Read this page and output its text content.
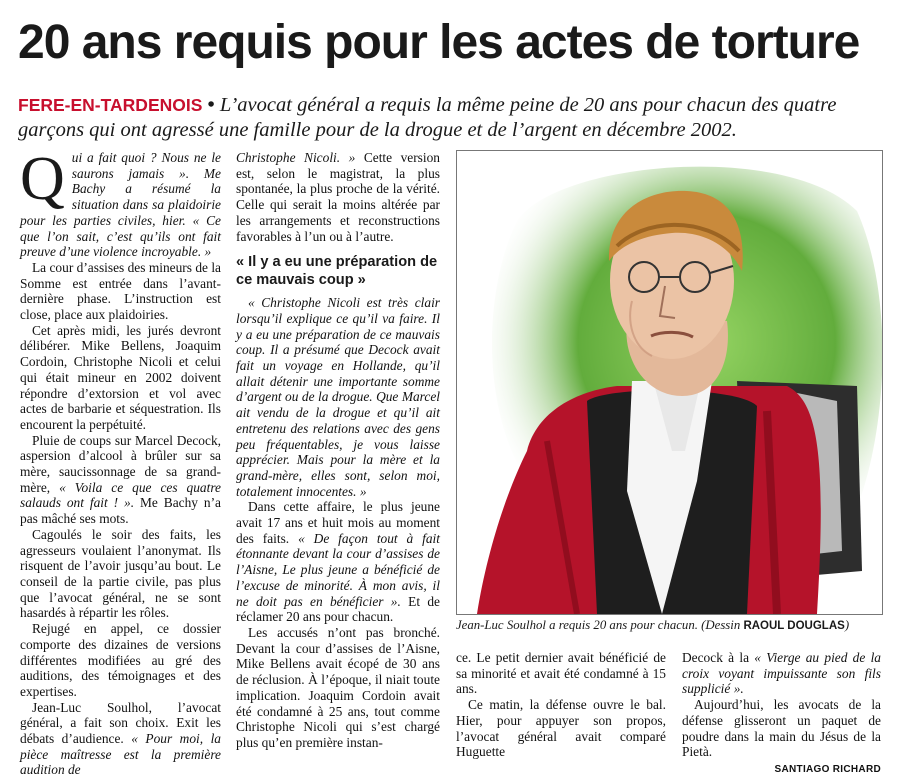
20 ans requis pour les actes de torture

FERE-EN-TARDENOIS • L’avocat général a requis la même peine de 20 ans pour chacun des quatre garçons qui ont agressé une famille pour de la drogue et de l’argent en décembre 2002.

Qui a fait quoi ? Nous ne le saurons jamais ». Me Bachy a résumé la situation dans sa plaidoirie pour les parties civiles, hier. « Ce que l’on sait, c’est qu’ils ont fait preuve d’une violence incroyable. »

La cour d’assises des mineurs de la Somme est entrée dans l’avant-dernière phase. L’instruction est close, place aux plaidoiries.

Cet après midi, les jurés devront délibérer. Mike Bellens, Joaquim Cordoin, Christophe Nicoli et celui qui était mineur en 2002 doivent répondre d’extorsion et vol avec actes de barbarie et séquestration. Ils encourent la perpétuité.

Pluie de coups sur Marcel Decock, aspersion d’alcool à brûler sur sa mère, saucissonnage de sa grand-mère, « Voila ce que ces quatre salauds ont fait ! ». Me Bachy n’a pas mâché ses mots.

Cagoulés le soir des faits, les agresseurs voulaient l’anonymat. Ils risquent de l’avoir jusqu’au bout. Le conseil de la partie civile, pas plus que l’avocat général, ne se sont hasardés à répartir les rôles.

Rejugé en appel, ce dossier comporte des dizaines de versions différentes modifiées au gré des auditions, des témoignages et des expertises.

Jean-Luc Soulhol, l’avocat général, a fait son choix. Exit les débats d’audience. « Pour moi, la pièce maîtresse est la première audition de

Christophe Nicoli. » Cette version est, selon le magistrat, la plus spontanée, la plus proche de la vérité. Celle qui serait la moins altérée par les arrangements et reconstructions favorables à l’un ou à l’autre.

« Il y a eu une préparation de ce mauvais coup »

« Christophe Nicoli est très clair lorsqu’il explique ce qu’il va faire. Il y a eu une préparation de ce mauvais coup. Il a présumé que Decock avait fait un voyage en Hollande, qu’il allait détenir une importante somme d’argent ou de la drogue. Que Marcel ait vendu de la drogue et qu’il ait entretenu des relations avec des gens peu fréquentables, je vous laisse apprécier. Mais pour la mère et la grand-mère, elles sont, selon moi, totalement innocentes. »

Dans cette affaire, le plus jeune avait 17 ans et huit mois au moment des faits. « De façon tout à fait étonnante devant la cour d’assises de l’Aisne, Le plus jeune a bénéficié de l’excuse de minorité. À mon avis, il ne doit pas en bénéficier ». Et de réclamer 20 ans pour chacun.

Les accusés n’ont pas bronché. Devant la cour d’assises de l’Aisne, Mike Bellens avait écopé de 30 ans de réclusion. À l’époque, il niait toute implication. Joaquim Cordoin avait été condamné à 25 ans, tout comme Christophe Nicoli qui s’est chargé plus qu’en première instan-

Jean-Luc Soulhol a requis 20 ans pour chacun. (Dessin RAOUL DOUGLAS)

ce. Le petit dernier avait bénéficié de sa minorité et avait été condamné à 15 ans.

Ce matin, la défense ouvre le bal. Hier, pour appuyer son propos, l’avocat général avait comparé Huguette

Decock à la « Vierge au pied de la croix voyant impuissante son fils supplicié ».

Aujourd’hui, les avocats de la défense glisseront un paquet de poudre dans la main du Jésus de la Pietà.

SANTIAGO RICHARD
